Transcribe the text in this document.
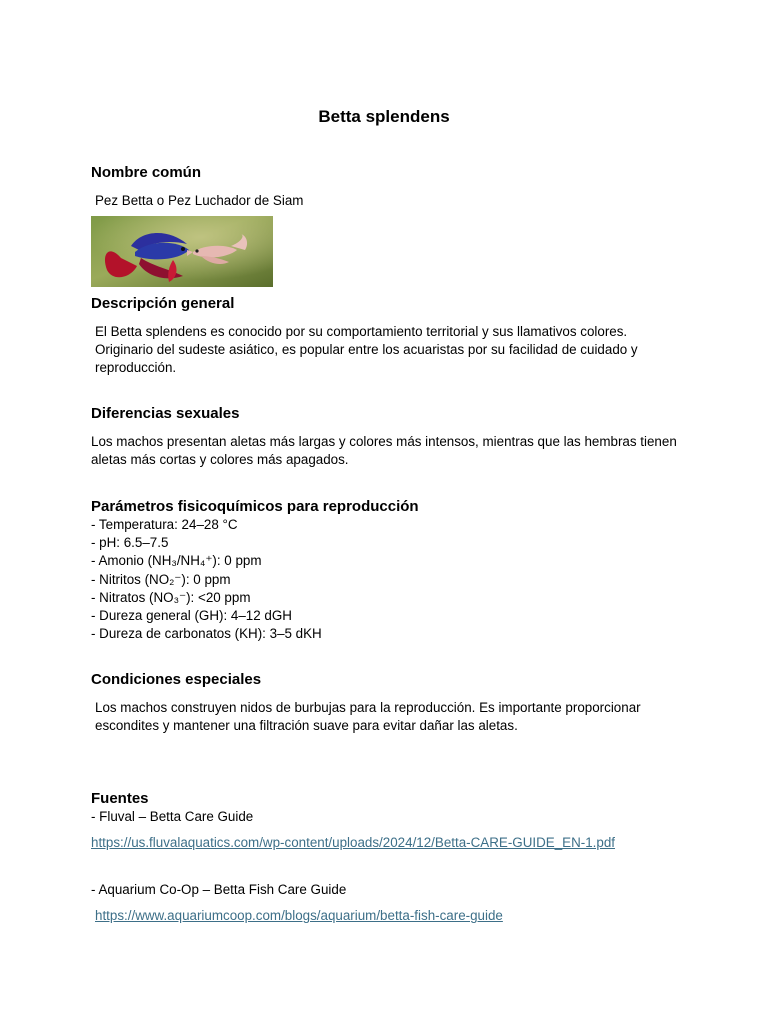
Betta splendens
Nombre común

Pez Betta o Pez Luchador de Siam

Descripción general

El Betta splendens es conocido por su comportamiento territorial y sus llamativos colores. Originario del sudeste asiático, es popular entre los acuaristas por su facilidad de cuidado y reproducción.

Diferencias sexuales

Los machos presentan aletas más largas y colores más intensos, mientras que las hembras tienen aletas más cortas y colores más apagados.

Parámetros fisicoquímicos para reproducción
- Temperatura: 24–28 °C
- pH: 6.5–7.5
- Amonio (NH₃/NH₄⁺): 0 ppm
- Nitritos (NO₂⁻): 0 ppm
- Nitratos (NO₃⁻): <20 ppm
- Dureza general (GH): 4–12 dGH
- Dureza de carbonatos (KH): 3–5 dKH
Condiciones especiales

Los machos construyen nidos de burbujas para la reproducción. Es importante proporcionar escondites y mantener una filtración suave para evitar dañar las aletas.

Fuentes

- Fluval – Betta Care Guide

https://us.fluvalaquatics.com/wp-content/uploads/2024/12/Betta-CARE-GUIDE_EN-1.pdf

- Aquarium Co-Op – Betta Fish Care Guide

https://www.aquariumcoop.com/blogs/aquarium/betta-fish-care-guide
